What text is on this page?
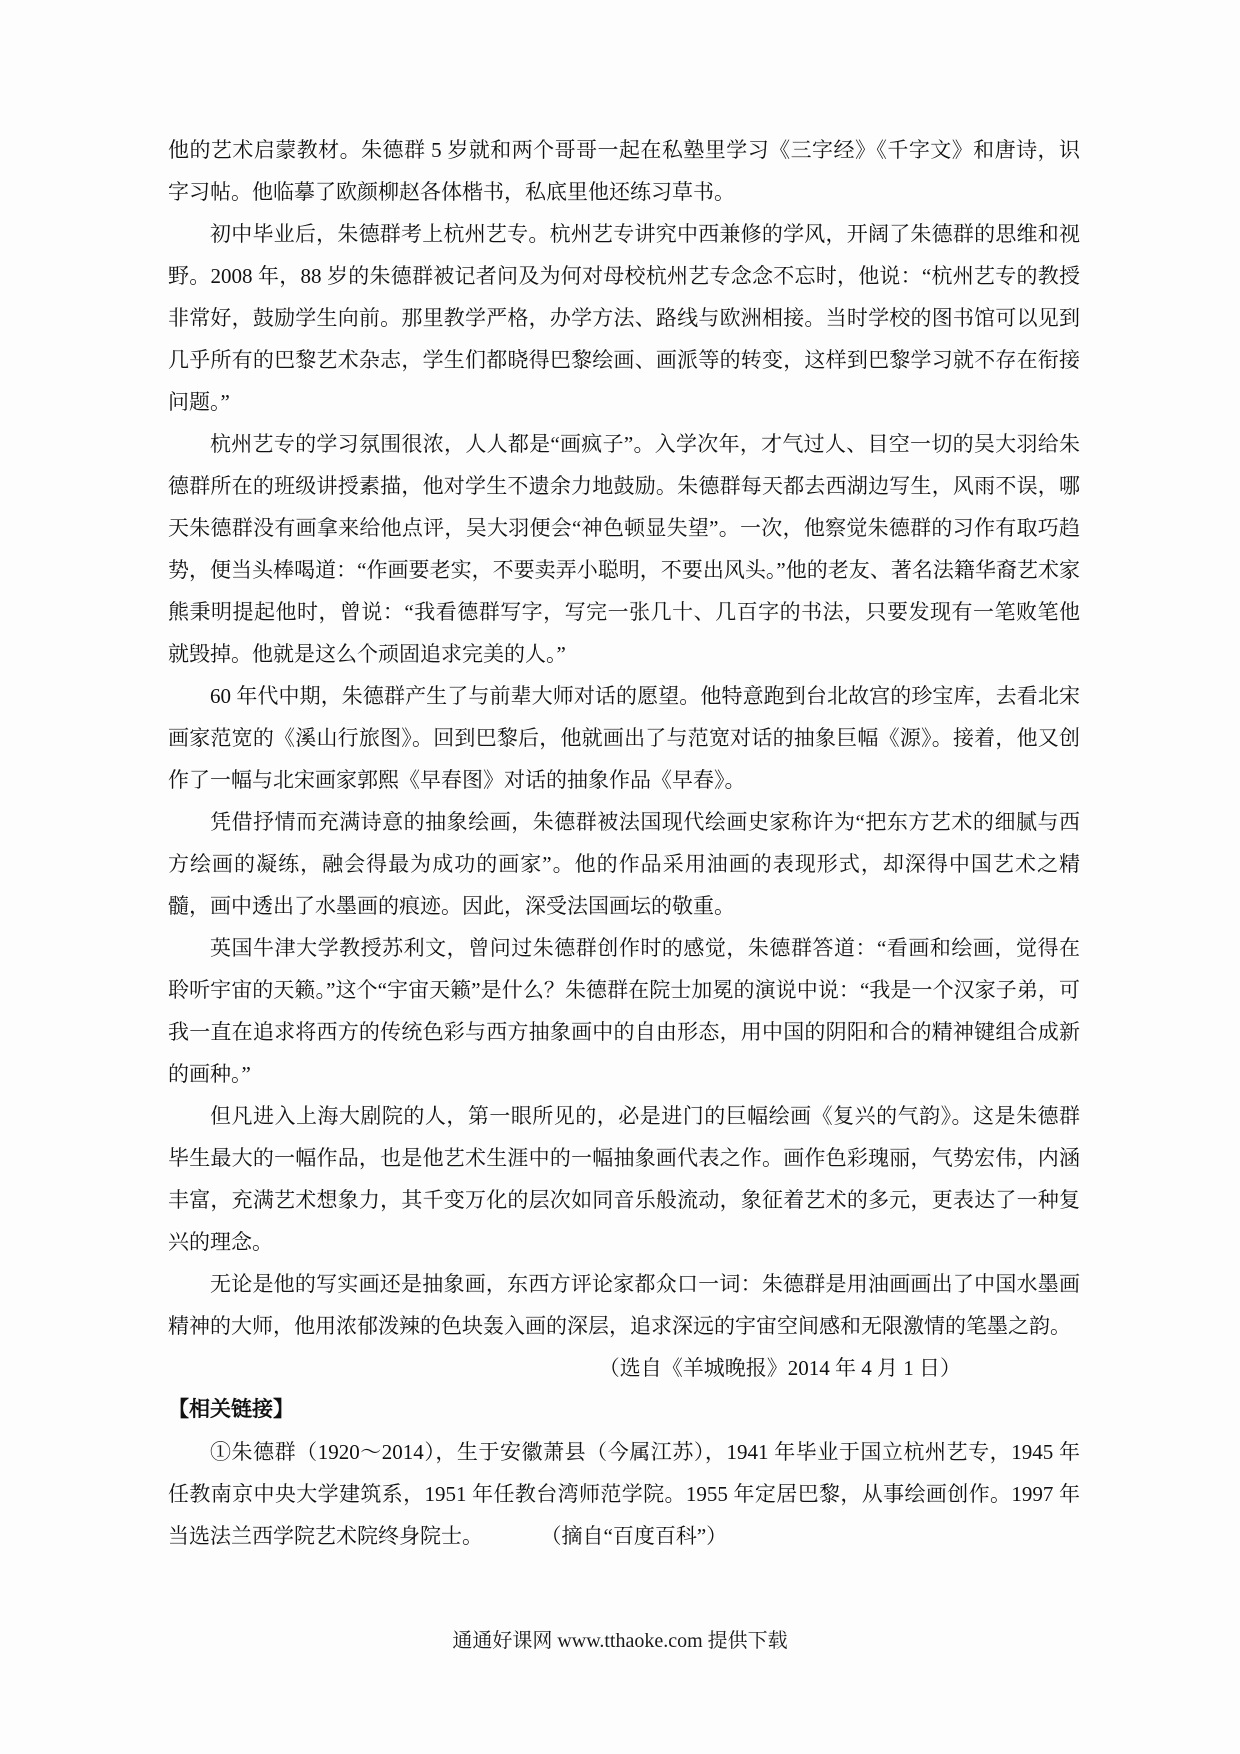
他的艺术启蒙教材。朱德群 5 岁就和两个哥哥一起在私塾里学习《三字经》《千字文》和唐诗，识字习帖。他临摹了欧颜柳赵各体楷书，私底里他还练习草书。

初中毕业后，朱德群考上杭州艺专。杭州艺专讲究中西兼修的学风，开阔了朱德群的思维和视野。2008 年，88 岁的朱德群被记者问及为何对母校杭州艺专念念不忘时，他说：“杭州艺专的教授非常好，鼓励学生向前。那里教学严格，办学方法、路线与欧洲相接。当时学校的图书馆可以见到几乎所有的巴黎艺术杂志，学生们都晓得巴黎绘画、画派等的转变，这样到巴黎学习就不存在衔接问题。”

杭州艺专的学习氛围很浓，人人都是“画疯子”。入学次年，才气过人、目空一切的吴大羽给朱德群所在的班级讲授素描，他对学生不遗余力地鼓励。朱德群每天都去西湖边写生，风雨不误，哪天朱德群没有画拿来给他点评，吴大羽便会“神色顿显失望”。一次，他察觉朱德群的习作有取巧趋势，便当头棒喝道：“作画要老实，不要卖弄小聪明，不要出风头。”他的老友、著名法籍华裔艺术家熊秉明提起他时，曾说：“我看德群写字，写完一张几十、几百字的书法，只要发现有一笔败笔他就毁掉。他就是这么个顽固追求完美的人。”

60 年代中期，朱德群产生了与前辈大师对话的愿望。他特意跑到台北故宫的珍宝库，去看北宋画家范宽的《溪山行旅图》。回到巴黎后，他就画出了与范宽对话的抽象巨幅《源》。接着，他又创作了一幅与北宋画家郭熙《早春图》对话的抽象作品《早春》。

凭借抒情而充满诗意的抽象绘画，朱德群被法国现代绘画史家称许为“把东方艺术的细腻与西方绘画的凝练，融会得最为成功的画家”。他的作品采用油画的表现形式，却深得中国艺术之精髓，画中透出了水墨画的痕迹。因此，深受法国画坛的敬重。

英国牛津大学教授苏利文，曾问过朱德群创作时的感觉，朱德群答道：“看画和绘画，觉得在聆听宇宙的天籁。”这个“宇宙天籁”是什么？朱德群在院士加冕的演说中说：“我是一个汉家子弟，可我一直在追求将西方的传统色彩与西方抽象画中的自由形态，用中国的阴阳和合的精神键组合成新的画种。”

但凡进入上海大剧院的人，第一眼所见的，必是进门的巨幅绘画《复兴的气韵》。这是朱德群毕生最大的一幅作品，也是他艺术生涯中的一幅抽象画代表之作。画作色彩瑰丽，气势宏伟，内涵丰富，充满艺术想象力，其千变万化的层次如同音乐般流动，象征着艺术的多元，更表达了一种复兴的理念。

无论是他的写实画还是抽象画，东西方评论家都众口一词：朱德群是用油画画出了中国水墨画精神的大师，他用浓郁泼辣的色块轰入画的深层，追求深远的宇宙空间感和无限激情的笔墨之韵。

（选自《羊城晚报》2014 年 4 月 1 日）

【相关链接】

①朱德群（1920～2014），生于安徽萧县（今属江苏），1941 年毕业于国立杭州艺专，1945 年任教南京中央大学建筑系，1951 年任教台湾师范学院。1955 年定居巴黎，从事绘画创作。1997 年当选法兰西学院艺术院终身院士。	（摘自“百度百科”）

通通好课网 www.tthaoke.com 提供下载
